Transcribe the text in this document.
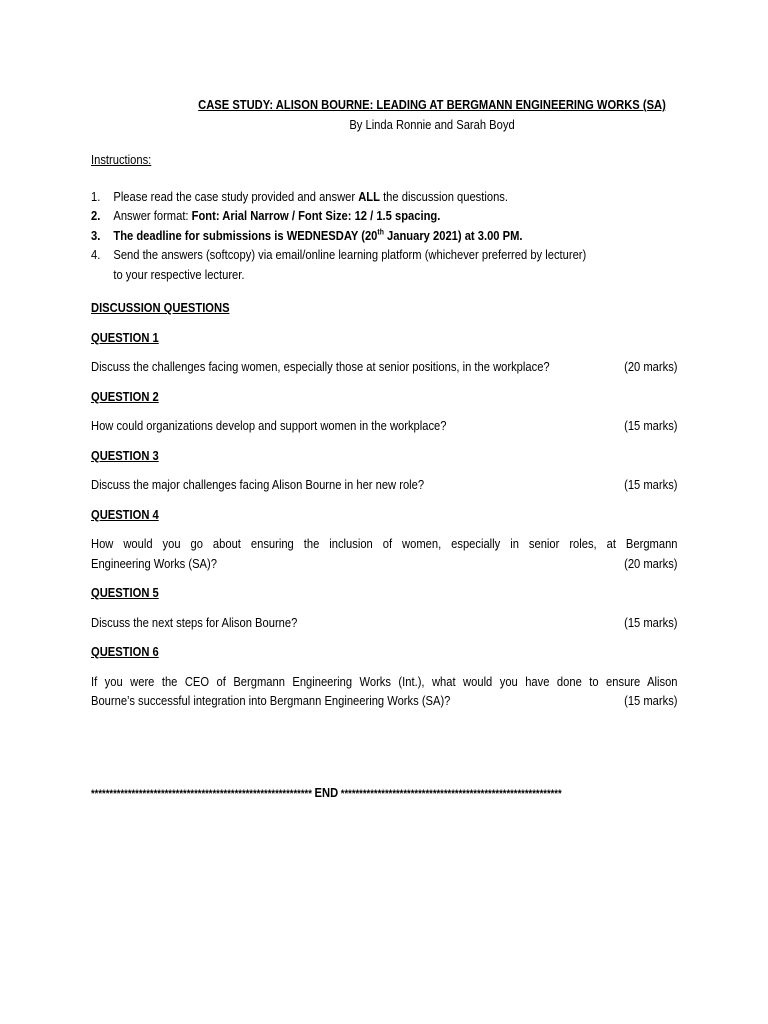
CASE STUDY: ALISON BOURNE: LEADING AT BERGMANN ENGINEERING WORKS (SA)
By Linda Ronnie and Sarah Boyd
Instructions:
1. Please read the case study provided and answer ALL the discussion questions.
2. Answer format: Font: Arial Narrow / Font Size: 12 / 1.5 spacing.
3. The deadline for submissions is WEDNESDAY (20th January 2021) at 3.00 PM.
4. Send the answers (softcopy) via email/online learning platform (whichever preferred by lecturer)
to your respective lecturer.
DISCUSSION QUESTIONS
QUESTION 1
Discuss the challenges facing women, especially those at senior positions, in the workplace?	(20 marks)
QUESTION 2
How could organizations develop and support women in the workplace?	(15 marks)
QUESTION 3
Discuss the major challenges facing Alison Bourne in her new role?	(15 marks)
QUESTION 4
How would you go about ensuring the inclusion of women, especially in senior roles, at Bergmann
Engineering Works (SA)?	(20 marks)
QUESTION 5
Discuss the next steps for Alison Bourne?	(15 marks)
QUESTION 6
If you were the CEO of Bergmann Engineering Works (Int.), what would you have done to ensure Alison
Bourne’s successful integration into Bergmann Engineering Works (SA)?	(15 marks)
************************************************************ END ************************************************************
